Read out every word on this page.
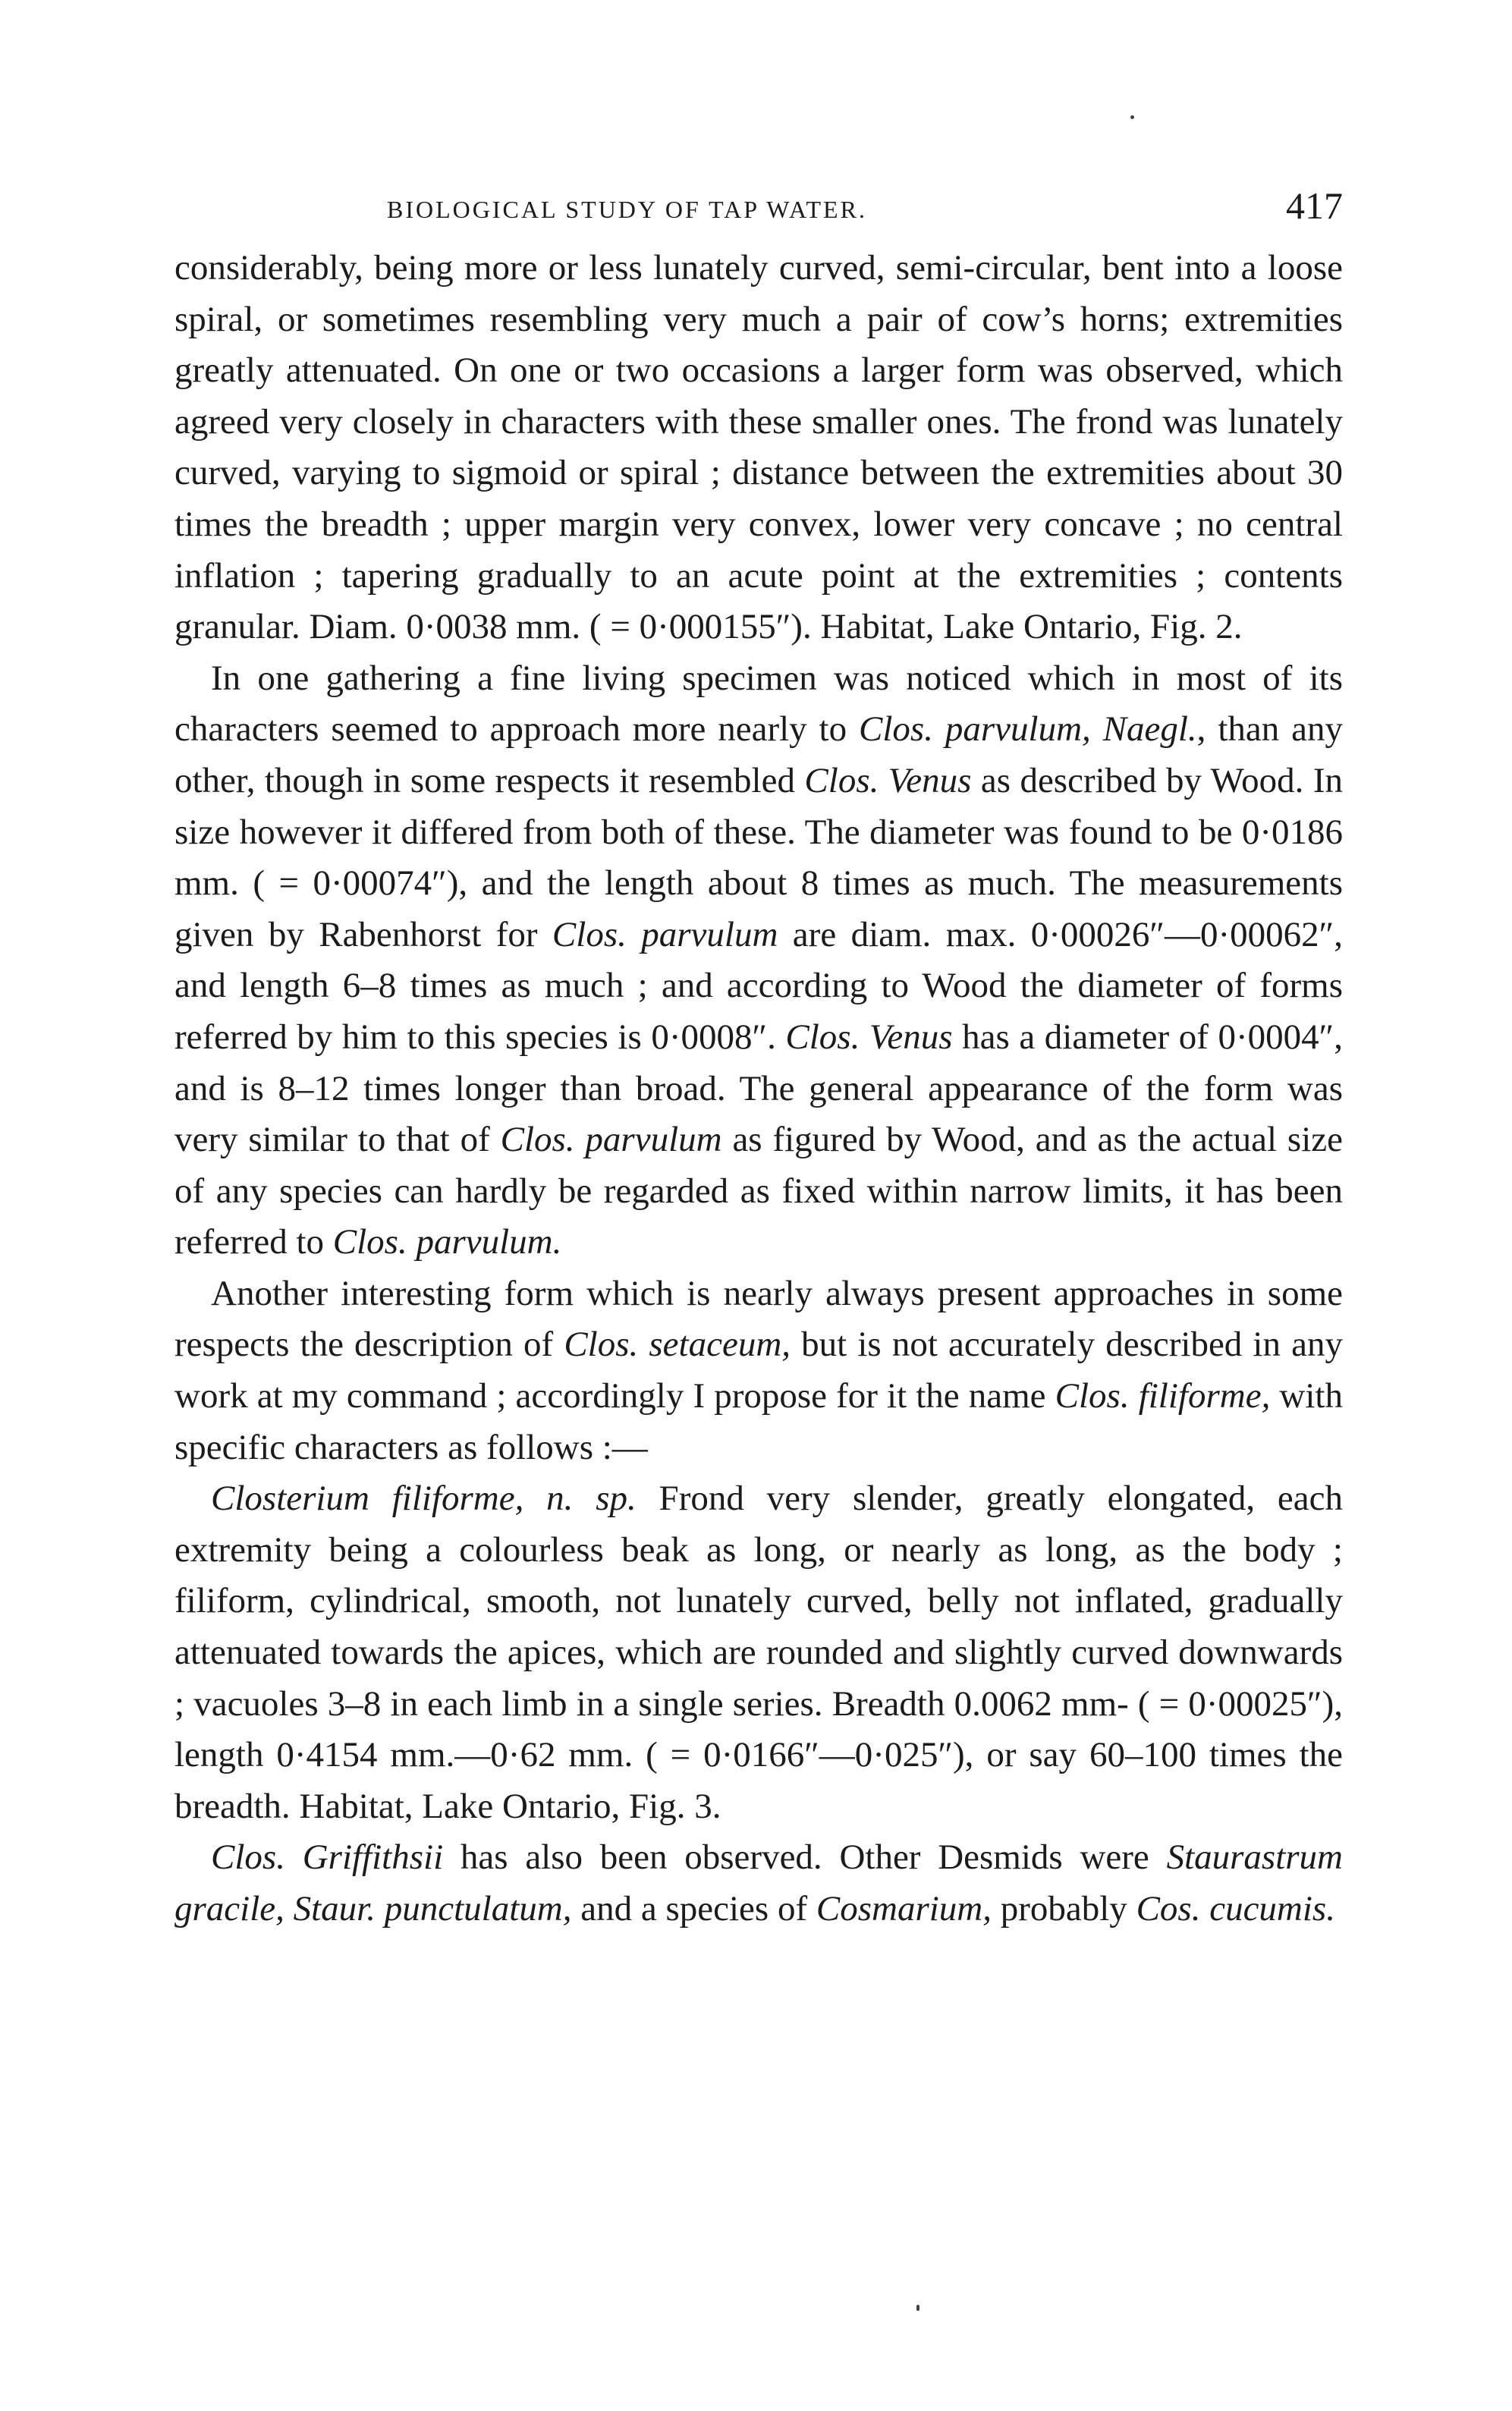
BIOLOGICAL STUDY OF TAP WATER.	417

considerably, being more or less lunately curved, semi-circular, bent into a loose spiral, or sometimes resembling very much a pair of cow’s horns; extremities greatly attenuated. On one or two occasions a larger form was observed, which agreed very closely in characters with these smaller ones. The frond was lunately curved, varying to sigmoid or spiral ; distance between the extremities about 30 times the breadth ; upper margin very convex, lower very concave ; no central inflation ; tapering gradually to an acute point at the extremities ; contents granular. Diam. 0·0038 mm. ( = 0·000155″). Habitat, Lake Ontario, Fig. 2.

In one gathering a fine living specimen was noticed which in most of its characters seemed to approach more nearly to Clos. parvulum, Naegl., than any other, though in some respects it resembled Clos. Venus as described by Wood. In size however it differed from both of these. The diameter was found to be 0·0186 mm. ( = 0·00074″), and the length about 8 times as much. The measurements given by Rabenhorst for Clos. parvulum are diam. max. 0·00026″—0·00062″, and length 6–8 times as much ; and according to Wood the diameter of forms referred by him to this species is 0·0008″. Clos. Venus has a diameter of 0·0004″, and is 8–12 times longer than broad. The general appearance of the form was very similar to that of Clos. parvulum as figured by Wood, and as the actual size of any species can hardly be regarded as fixed within narrow limits, it has been referred to Clos. parvulum.

Another interesting form which is nearly always present approaches in some respects the description of Clos. setaceum, but is not accurately described in any work at my command ; accordingly I propose for it the name Clos. filiforme, with specific characters as follows :—

Closterium filiforme, n. sp. Frond very slender, greatly elongated, each extremity being a colourless beak as long, or nearly as long, as the body ; filiform, cylindrical, smooth, not lunately curved, belly not inflated, gradually attenuated towards the apices, which are rounded and slightly curved downwards ; vacuoles 3–8 in each limb in a single series. Breadth 0.0062 mm- ( = 0·00025″), length 0·4154 mm.—0·62 mm. ( = 0·0166″—0·025″), or say 60–100 times the breadth. Habitat, Lake Ontario, Fig. 3.

Clos. Griffithsii has also been observed. Other Desmids were Staurastrum gracile, Staur. punctulatum, and a species of Cosmarium, probably Cos. cucumis.
